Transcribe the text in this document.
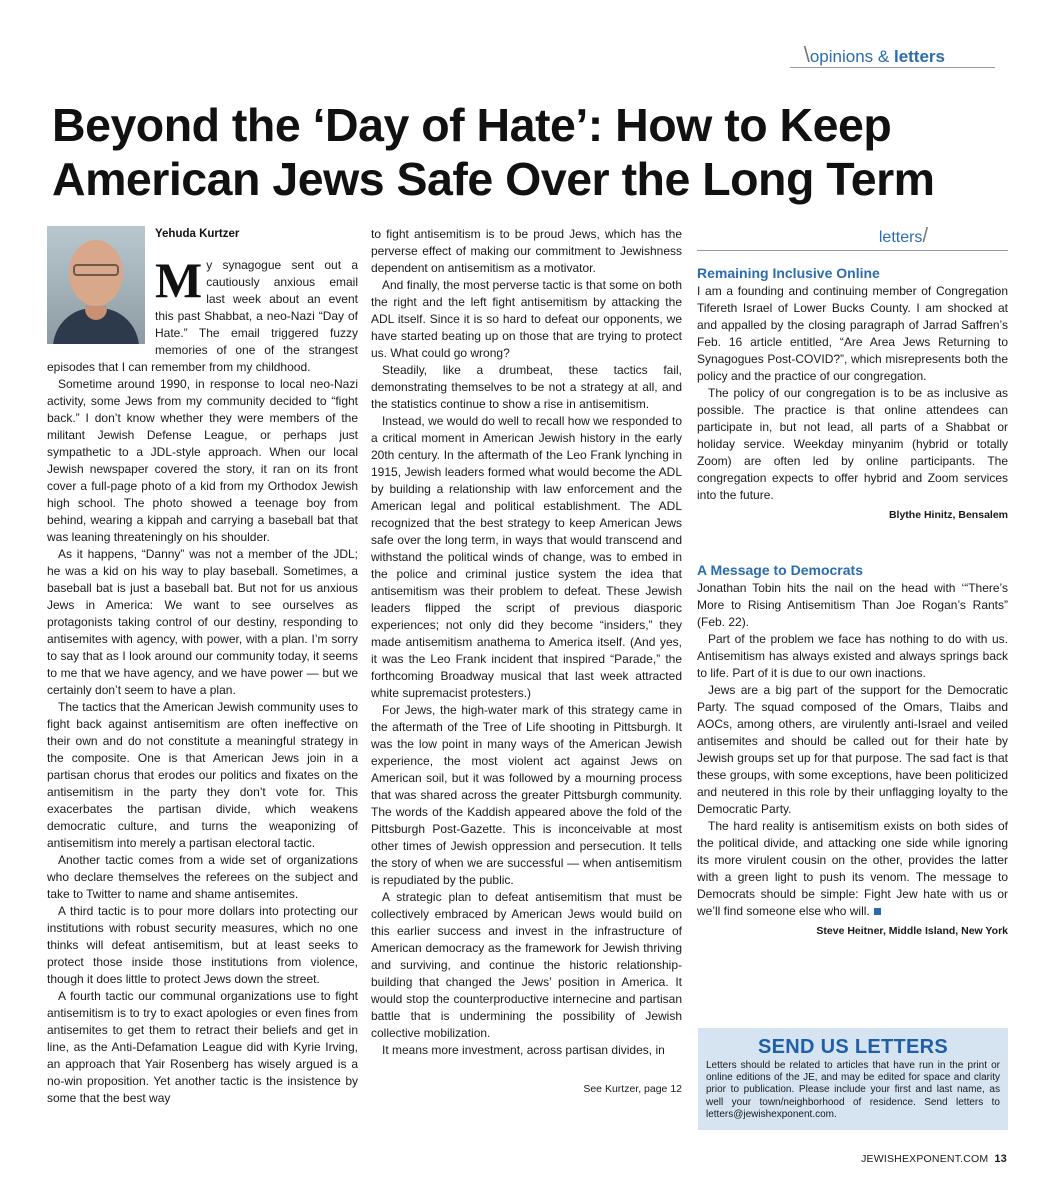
\opinions & letters
Beyond the ‘Day of Hate’: How to Keep American Jews Safe Over the Long Term
Yehuda Kurtzer

My synagogue sent out a cautiously anxious email last week about an event this past Shabbat, a neo-Nazi “Day of Hate.” The email triggered fuzzy memories of one of the strangest episodes that I can remember from my childhood.

Sometime around 1990, in response to local neo-Nazi activity, some Jews from my community decided to “fight back.” I don’t know whether they were members of the militant Jewish Defense League, or perhaps just sympathetic to a JDL-style approach. When our local Jewish newspaper covered the story, it ran on its front cover a full-page photo of a kid from my Orthodox Jewish high school. The photo showed a teenage boy from behind, wearing a kippah and carrying a baseball bat that was leaning threateningly on his shoulder.

As it happens, “Danny” was not a member of the JDL; he was a kid on his way to play baseball. Sometimes, a baseball bat is just a baseball bat. But not for us anxious Jews in America: We want to see ourselves as protagonists taking control of our destiny, responding to antisemites with agency, with power, with a plan. I’m sorry to say that as I look around our community today, it seems to me that we have agency, and we have power — but we certainly don’t seem to have a plan.

The tactics that the American Jewish community uses to fight back against antisemitism are often ineffective on their own and do not constitute a meaningful strategy in the composite. One is that American Jews join in a partisan chorus that erodes our politics and fixates on the antisemitism in the party they don’t vote for. This exacerbates the partisan divide, which weakens democratic culture, and turns the weaponizing of antisemitism into merely a partisan electoral tactic.

Another tactic comes from a wide set of organizations who declare themselves the referees on the subject and take to Twitter to name and shame antisemites.

A third tactic is to pour more dollars into protecting our institutions with robust security measures, which no one thinks will defeat antisemitism, but at least seeks to protect those inside those institutions from violence, though it does little to protect Jews down the street.

A fourth tactic our communal organizations use to fight antisemitism is to try to exact apologies or even fines from antisemites to get them to retract their beliefs and get in line, as the Anti-Defamation League did with Kyrie Irving, an approach that Yair Rosenberg has wisely argued is a no-win proposition. Yet another tactic is the insistence by some that the best way

to fight antisemitism is to be proud Jews, which has the perverse effect of making our commitment to Jewishness dependent on antisemitism as a motivator.

And finally, the most perverse tactic is that some on both the right and the left fight antisemitism by attacking the ADL itself. Since it is so hard to defeat our opponents, we have started beating up on those that are trying to protect us. What could go wrong?

Steadily, like a drumbeat, these tactics fail, demonstrating themselves to be not a strategy at all, and the statistics continue to show a rise in antisemitism.

Instead, we would do well to recall how we responded to a critical moment in American Jewish history in the early 20th century. In the aftermath of the Leo Frank lynching in 1915, Jewish leaders formed what would become the ADL by building a relationship with law enforcement and the American legal and political establishment. The ADL recognized that the best strategy to keep American Jews safe over the long term, in ways that would transcend and withstand the political winds of change, was to embed in the police and criminal justice system the idea that antisemitism was their problem to defeat. These Jewish leaders flipped the script of previous diasporic experiences; not only did they become “insiders,” they made antisemitism anathema to America itself. (And yes, it was the Leo Frank incident that inspired “Parade,” the forthcoming Broadway musical that last week attracted white supremacist protesters.)

For Jews, the high-water mark of this strategy came in the aftermath of the Tree of Life shooting in Pittsburgh. It was the low point in many ways of the American Jewish experience, the most violent act against Jews on American soil, but it was followed by a mourning process that was shared across the greater Pittsburgh community. The words of the Kaddish appeared above the fold of the Pittsburgh Post-Gazette. This is inconceivable at most other times of Jewish oppression and persecution. It tells the story of when we are successful — when antisemitism is repudiated by the public.

A strategic plan to defeat antisemitism that must be collectively embraced by American Jews would build on this earlier success and invest in the infrastructure of American democracy as the framework for Jewish thriving and surviving, and continue the historic relationship-building that changed the Jews’ position in America. It would stop the counterproductive internecine and partisan battle that is undermining the possibility of Jewish collective mobilization.

It means more investment, across partisan divides, in

See Kurtzer, page 12
letters/
Remaining Inclusive Online

I am a founding and continuing member of Congregation Tifereth Israel of Lower Bucks County. I am shocked at and appalled by the closing paragraph of Jarrad Saffren’s Feb. 16 article entitled, “Are Area Jews Returning to Synagogues Post-COVID?”, which misrepresents both the policy and the practice of our congregation.

The policy of our congregation is to be as inclusive as possible. The practice is that online attendees can participate in, but not lead, all parts of a Shabbat or holiday service. Weekday minyanim (hybrid or totally Zoom) are often led by online participants. The congregation expects to offer hybrid and Zoom services into the future.

Blythe Hinitz, Bensalem
A Message to Democrats

Jonathan Tobin hits the nail on the head with ‘“There’s More to Rising Antisemitism Than Joe Rogan’s Rants” (Feb. 22).

Part of the problem we face has nothing to do with us. Antisemitism has always existed and always springs back to life. Part of it is due to our own inactions.

Jews are a big part of the support for the Democratic Party. The squad composed of the Omars, Tlaibs and AOCs, among others, are virulently anti-Israel and veiled antisemites and should be called out for their hate by Jewish groups set up for that purpose. The sad fact is that these groups, with some exceptions, have been politicized and neutered in this role by their unflagging loyalty to the Democratic Party.

The hard reality is antisemitism exists on both sides of the political divide, and attacking one side while ignoring its more virulent cousin on the other, provides the latter with a green light to push its venom. The message to Democrats should be simple: Fight Jew hate with us or we’ll find someone else who will.

Steve Heitner, Middle Island, New York
SEND US LETTERS
Letters should be related to articles that have run in the print or online editions of the JE, and may be edited for space and clarity prior to publication. Please include your first and last name, as well your town/neighborhood of residence. Send letters to letters@jewishexponent.com.
JEWISHEXPONENT.COM 13
